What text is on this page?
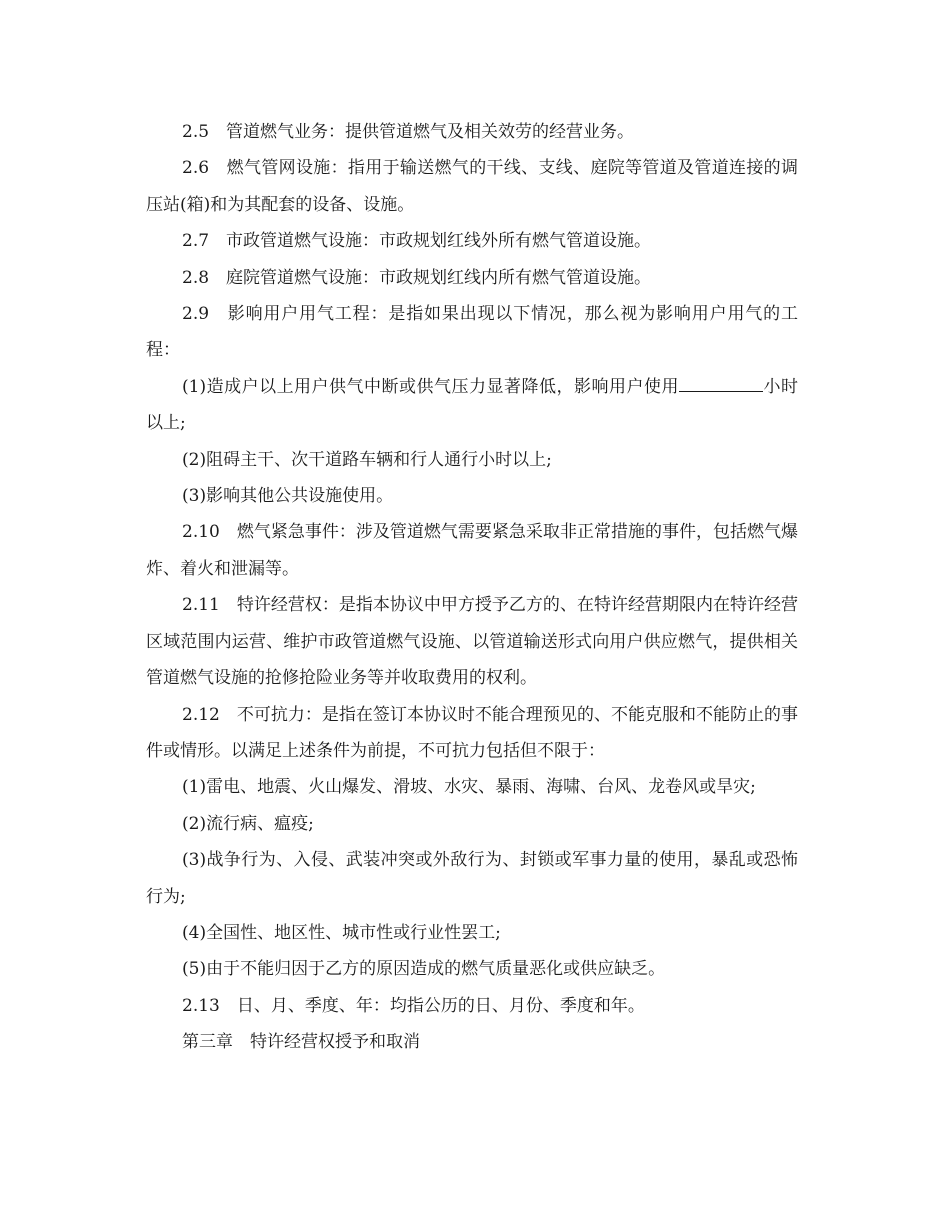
2.5　管道燃气业务：提供管道燃气及相关效劳的经营业务。

2.6　燃气管网设施：指用于输送燃气的干线、支线、庭院等管道及管道连接的调压站(箱)和为其配套的设备、设施。

2.7　市政管道燃气设施：市政规划红线外所有燃气管道设施。

2.8　庭院管道燃气设施：市政规划红线内所有燃气管道设施。

2.9　影响用户用气工程：是指如果出现以下情况，那么视为影响用户用气的工程：

(1)造成户以上用户供气中断或供气压力显著降低，影响用户使用	小时以上;

(2)阻碍主干、次干道路车辆和行人通行小时以上;

(3)影响其他公共设施使用。

2.10　燃气紧急事件：涉及管道燃气需要紧急采取非正常措施的事件，包括燃气爆炸、着火和泄漏等。

2.11　特许经营权：是指本协议中甲方授予乙方的、在特许经营期限内在特许经营区域范围内运营、维护市政管道燃气设施、以管道输送形式向用户供应燃气，提供相关管道燃气设施的抢修抢险业务等并收取费用的权利。

2.12　不可抗力：是指在签订本协议时不能合理预见的、不能克服和不能防止的事件或情形。以满足上述条件为前提，不可抗力包括但不限于：

(1)雷电、地震、火山爆发、滑坡、水灾、暴雨、海啸、台风、龙卷风或旱灾;

(2)流行病、瘟疫;

(3)战争行为、入侵、武装冲突或外敌行为、封锁或军事力量的使用，暴乱或恐怖行为;

(4)全国性、地区性、城市性或行业性罢工;

(5)由于不能归因于乙方的原因造成的燃气质量恶化或供应缺乏。

2.13　日、月、季度、年：均指公历的日、月份、季度和年。

第三章　特许经营权授予和取消
